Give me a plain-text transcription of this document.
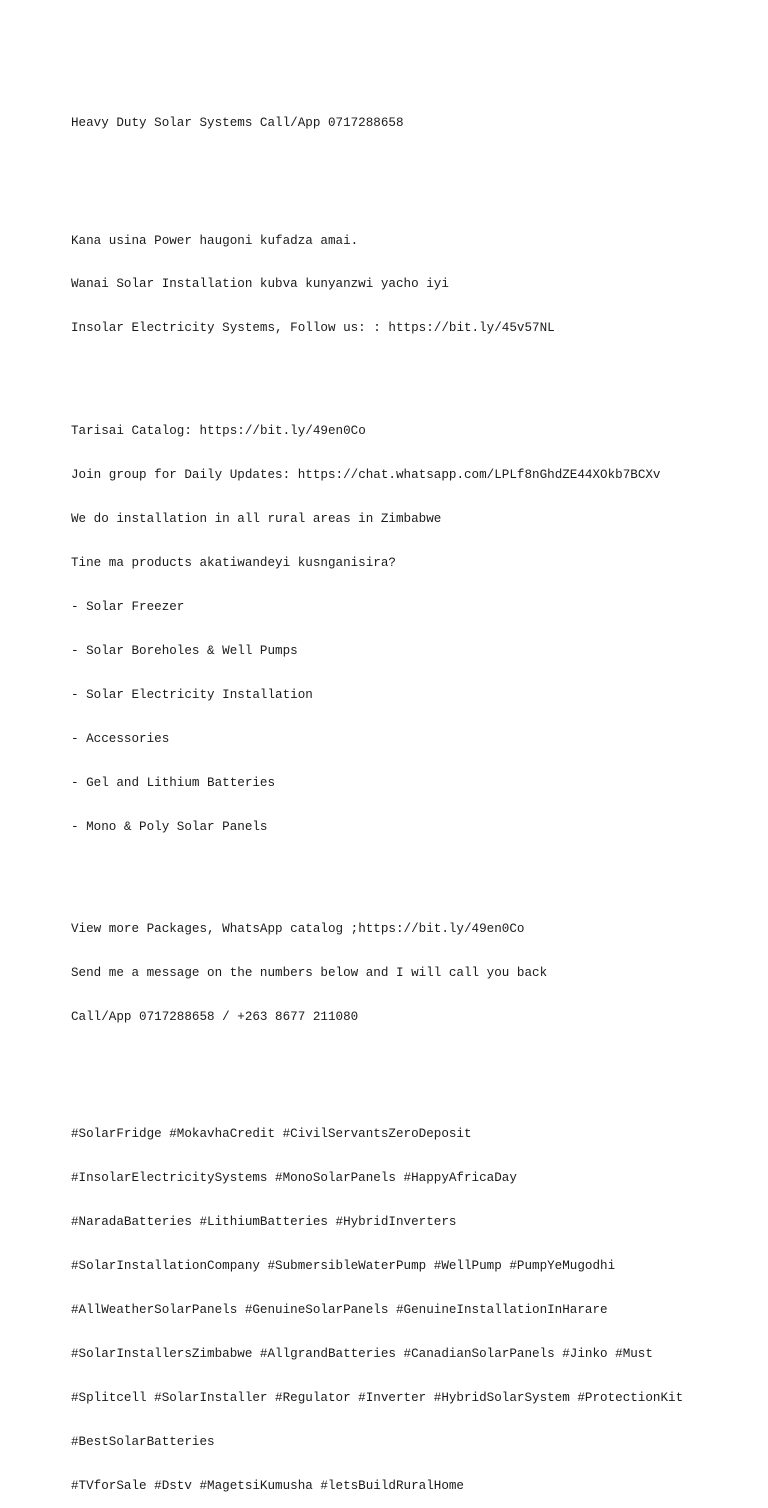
Heavy Duty Solar Systems Call/App 0717288658

Kana usina Power haugoni kufadza amai.

Wanai Solar Installation kubva kunyanzwi yacho iyi

Insolar Electricity Systems, Follow us: : https://bit.ly/45v57NL

Tarisai Catalog: https://bit.ly/49en0Co

Join group for Daily Updates: https://chat.whatsapp.com/LPLf8nGhdZE44XOkb7BCXv

We do installation in all rural areas in Zimbabwe

Tine ma products akatiwandeyi kusnganisira?

- Solar Freezer

- Solar Boreholes & Well Pumps

- Solar Electricity Installation

- Accessories

- Gel and Lithium Batteries

- Mono & Poly Solar Panels

View more Packages, WhatsApp catalog ;https://bit.ly/49en0Co

Send me a message on the numbers below and I will call you back

Call/App 0717288658 / +263 8677 211080

#SolarFridge #MokavhaCredit #CivilServantsZeroDeposit

#InsolarElectricitySystems #MonoSolarPanels #HappyAfricaDay

#NaradaBatteries #LithiumBatteries #HybridInverters

#SolarInstallationCompany #SubmersibleWaterPump #WellPump #PumpYeMugodhi

#AllWeatherSolarPanels #GenuineSolarPanels #GenuineInstallationInHarare

#SolarInstallersZimbabwe #AllgrandBatteries #CanadianSolarPanels #Jinko #Must

#Splitcell #SolarInstaller #Regulator #Inverter #HybridSolarSystem #ProtectionKit

#BestSolarBatteries

#TVforSale #Dstv #MagetsiKumusha #letsBuildRuralHome
